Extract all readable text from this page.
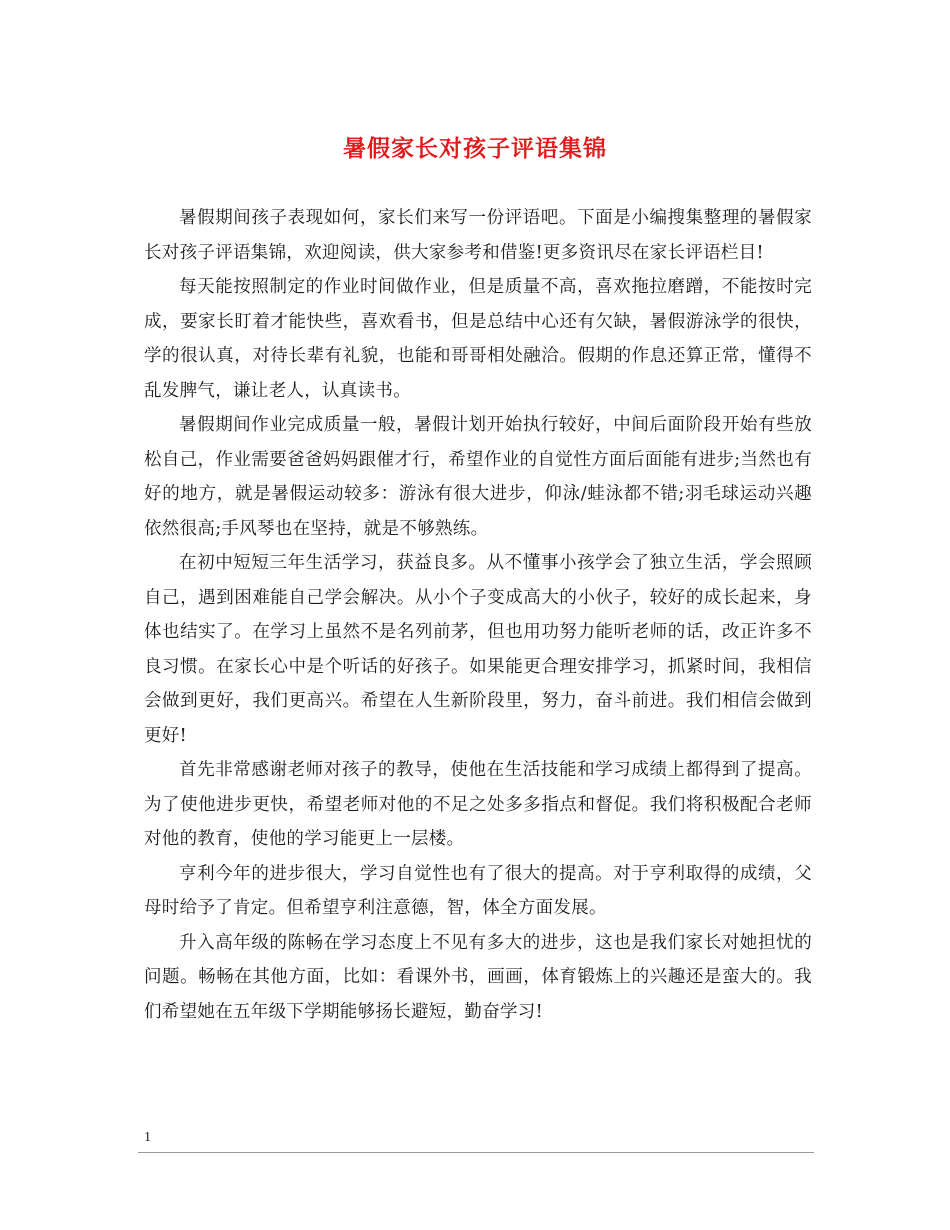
暑假家长对孩子评语集锦

暑假期间孩子表现如何，家长们来写一份评语吧。下面是小编搜集整理的暑假家长对孩子评语集锦，欢迎阅读，供大家参考和借鉴!更多资讯尽在家长评语栏目!

每天能按照制定的作业时间做作业，但是质量不高，喜欢拖拉磨蹭，不能按时完成，要家长盯着才能快些，喜欢看书，但是总结中心还有欠缺，暑假游泳学的很快，学的很认真，对待长辈有礼貌，也能和哥哥相处融洽。假期的作息还算正常，懂得不乱发脾气，谦让老人，认真读书。

暑假期间作业完成质量一般，暑假计划开始执行较好，中间后面阶段开始有些放松自己，作业需要爸爸妈妈跟催才行，希望作业的自觉性方面后面能有进步;当然也有好的地方，就是暑假运动较多：游泳有很大进步，仰泳/蛙泳都不错;羽毛球运动兴趣依然很高;手风琴也在坚持，就是不够熟练。

在初中短短三年生活学习，获益良多。从不懂事小孩学会了独立生活，学会照顾自己，遇到困难能自己学会解决。从小个子变成高大的小伙子，较好的成长起来，身体也结实了。在学习上虽然不是名列前茅，但也用功努力能听老师的话，改正许多不良习惯。在家长心中是个听话的好孩子。如果能更合理安排学习，抓紧时间，我相信会做到更好，我们更高兴。希望在人生新阶段里，努力，奋斗前进。我们相信会做到更好!

首先非常感谢老师对孩子的教导，使他在生活技能和学习成绩上都得到了提高。为了使他进步更快，希望老师对他的不足之处多多指点和督促。我们将积极配合老师对他的教育，使他的学习能更上一层楼。

亨利今年的进步很大，学习自觉性也有了很大的提高。对于亨利取得的成绩，父母时给予了肯定。但希望亨利注意德，智，体全方面发展。

升入高年级的陈畅在学习态度上不见有多大的进步，这也是我们家长对她担忧的问题。畅畅在其他方面，比如：看课外书，画画，体育锻炼上的兴趣还是蛮大的。我们希望她在五年级下学期能够扬长避短，勤奋学习!

1
